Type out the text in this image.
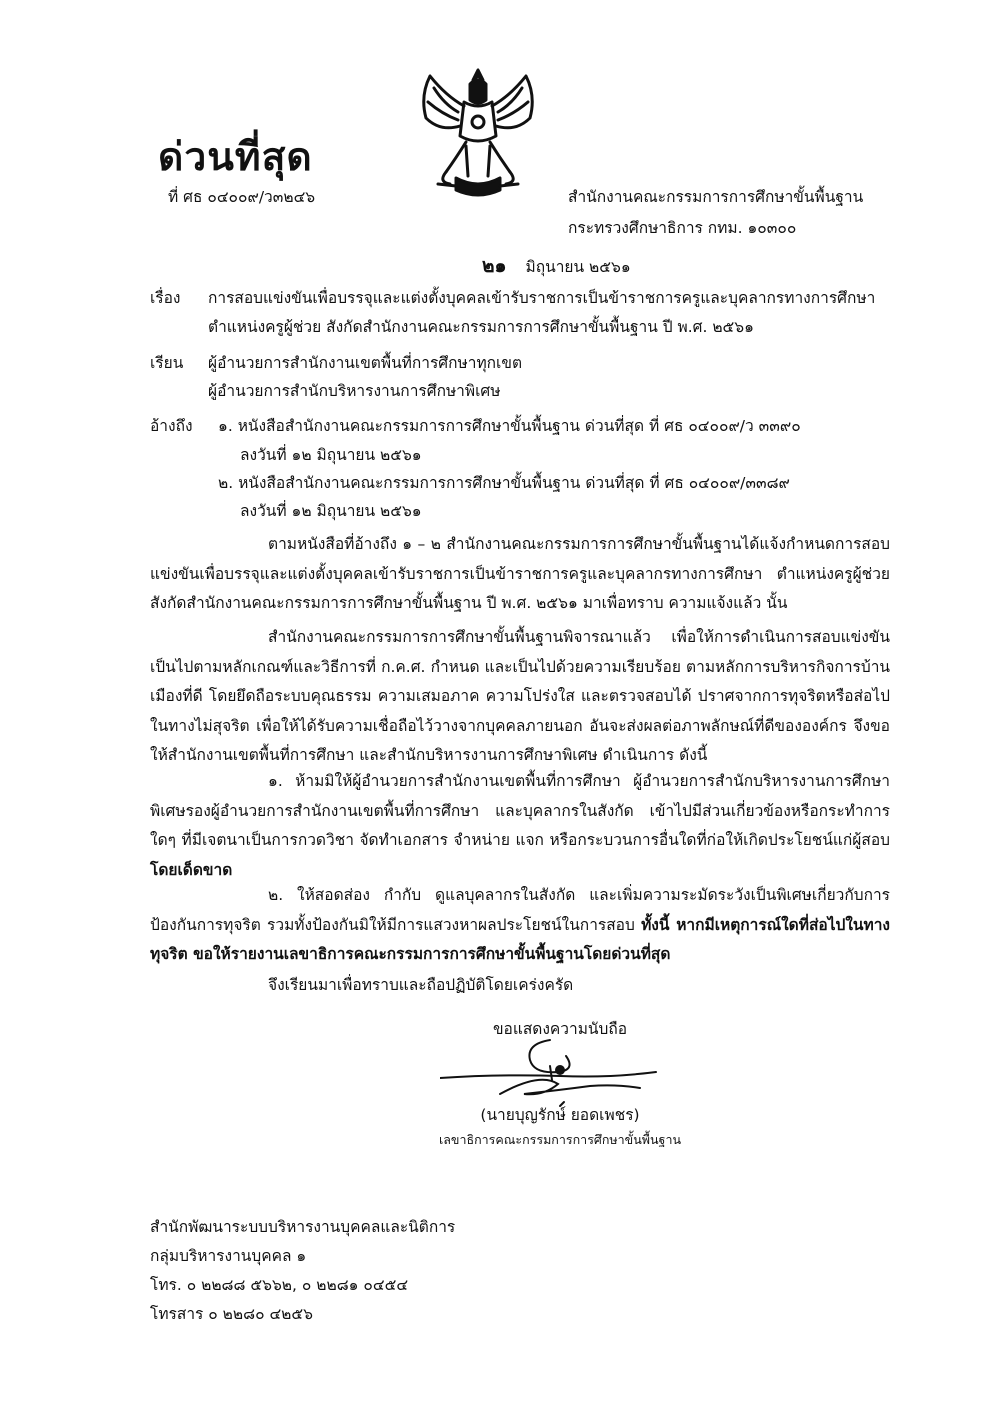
ด่วนที่สุด
ที่ ศธ ๐๔๐๐๙/ว๓๒๔๖	สำนักงานคณะกรรมการการศึกษาขั้นพื้นฐาน
กระทรวงศึกษาธิการ กทม. ๑๐๓๐๐
๒๑ มิถุนายน ๒๕๖๑
เรื่อง การสอบแข่งขันเพื่อบรรจุและแต่งตั้งบุคคลเข้ารับราชการเป็นข้าราชการครูและบุคลากรทางการศึกษา
ตำแหน่งครูผู้ช่วย สังกัดสำนักงานคณะกรรมการการศึกษาขั้นพื้นฐาน ปี พ.ศ. ๒๕๖๑
เรียน ผู้อำนวยการสำนักงานเขตพื้นที่การศึกษาทุกเขต
ผู้อำนวยการสำนักบริหารงานการศึกษาพิเศษ
อ้างถึง ๑. หนังสือสำนักงานคณะกรรมการการศึกษาขั้นพื้นฐาน ด่วนที่สุด ที่ ศธ ๐๔๐๐๙/ว ๓๓๙๐
ลงวันที่ ๑๒ มิถุนายน ๒๕๖๑
๒. หนังสือสำนักงานคณะกรรมการการศึกษาขั้นพื้นฐาน ด่วนที่สุด ที่ ศธ ๐๔๐๐๙/๓๓๘๙
ลงวันที่ ๑๒ มิถุนายน ๒๕๖๑

ตามหนังสือที่อ้างถึง ๑ – ๒ สำนักงานคณะกรรมการการศึกษาขั้นพื้นฐานได้แจ้งกำหนดการสอบแข่งขันเพื่อบรรจุและแต่งตั้งบุคคลเข้ารับราชการเป็นข้าราชการครูและบุคลากรทางการศึกษา ตำแหน่งครูผู้ช่วย สังกัดสำนักงานคณะกรรมการการศึกษาขั้นพื้นฐาน ปี พ.ศ. ๒๕๖๑ มาเพื่อทราบ ความแจ้งแล้ว นั้น

สำนักงานคณะกรรมการการศึกษาขั้นพื้นฐานพิจารณาแล้ว เพื่อให้การดำเนินการสอบแข่งขันเป็นไปตามหลักเกณฑ์และวิธีการที่ ก.ค.ศ. กำหนด และเป็นไปด้วยความเรียบร้อย ตามหลักการบริหารกิจการบ้านเมืองที่ดี โดยยึดถือระบบคุณธรรม ความเสมอภาค ความโปร่งใส และตรวจสอบได้ ปราศจากการทุจริตหรือส่อไปในทางไม่สุจริต เพื่อให้ได้รับความเชื่อถือไว้วางจากบุคคลภายนอก อันจะส่งผลต่อภาพลักษณ์ที่ดีขององค์กร จึงขอให้สำนักงานเขตพื้นที่การศึกษา และสำนักบริหารงานการศึกษาพิเศษ ดำเนินการ ดังนี้

๑. ห้ามมิให้ผู้อำนวยการสำนักงานเขตพื้นที่การศึกษา ผู้อำนวยการสำนักบริหารงานการศึกษาพิเศษรองผู้อำนวยการสำนักงานเขตพื้นที่การศึกษา และบุคลากรในสังกัด เข้าไปมีส่วนเกี่ยวข้องหรือกระทำการใดๆ ที่มีเจตนาเป็นการกวดวิชา จัดทำเอกสาร จำหน่าย แจก หรือกระบวนการอื่นใดที่ก่อให้เกิดประโยชน์แก่ผู้สอบโดยเด็ดขาด

๒. ให้สอดส่อง กำกับ ดูแลบุคลากรในสังกัด และเพิ่มความระมัดระวังเป็นพิเศษเกี่ยวกับการป้องกันการทุจริต รวมทั้งป้องกันมิให้มีการแสวงหาผลประโยชน์ในการสอบ ทั้งนี้ หากมีเหตุการณ์ใดที่ส่อไปในทางทุจริต ขอให้รายงานเลขาธิการคณะกรรมการการศึกษาขั้นพื้นฐานโดยด่วนที่สุด

จึงเรียนมาเพื่อทราบและถือปฏิบัติโดยเคร่งครัด
ขอแสดงความนับถือ
(นายบุญรักษ์ ยอดเพชร)
เลขาธิการคณะกรรมการการศึกษาขั้นพื้นฐาน
สำนักพัฒนาระบบบริหารงานบุคคลและนิติการ
กลุ่มบริหารงานบุคคล ๑
โทร. ๐ ๒๒๘๘ ๕๖๖๒, ๐ ๒๒๘๑ ๐๔๕๔
โทรสาร ๐ ๒๒๘๐ ๔๒๕๖
